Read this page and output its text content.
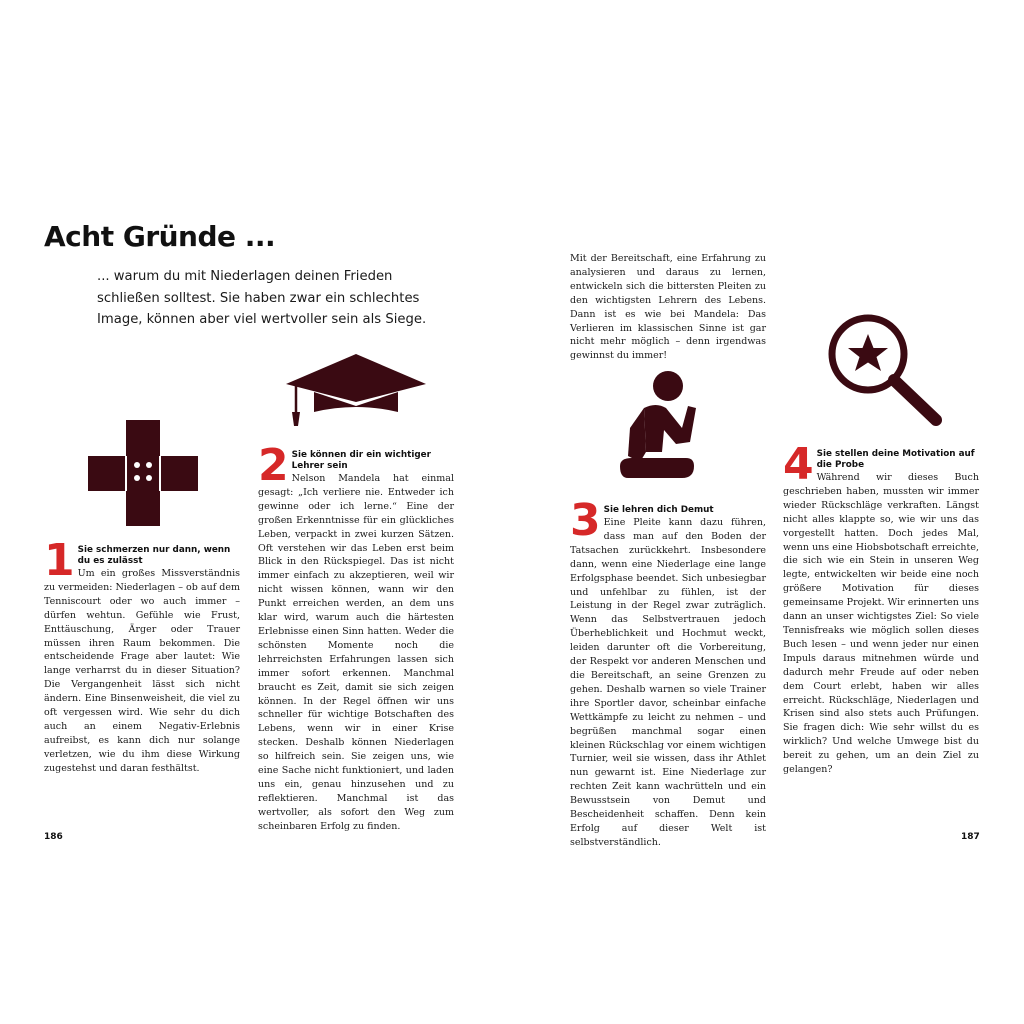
Acht Gründe ...
... warum du mit Niederlagen deinen Frieden schließen solltest. Sie haben zwar ein schlechtes Image, können aber viel wertvoller sein als Siege.
1 Sie schmerzen nur dann, wenn du es zulässt
Um ein großes Missverständnis zu vermeiden: Niederlagen – ob auf dem Tenniscourt oder wo auch immer – dürfen wehtun. Gefühle wie Frust, Enttäuschung, Ärger oder Trauer müssen ihren Raum bekommen. Die entscheidende Frage aber lautet: Wie lange verharrst du in dieser Situation? Die Vergangenheit lässt sich nicht ändern. Eine Binsenweisheit, die viel zu oft vergessen wird. Wie sehr du dich auch an einem Negativ-Erlebnis aufreibst, es kann dich nur solange verletzen, wie du ihm diese Wirkung zugestehst und daran festhältst.
2 Sie können dir ein wichtiger Lehrer sein
Nelson Mandela hat einmal gesagt: „Ich verliere nie. Entweder ich gewinne oder ich lerne.“ Eine der großen Erkenntnisse für ein glückliches Leben, verpackt in zwei kurzen Sätzen. Oft verstehen wir das Leben erst beim Blick in den Rückspiegel. Das ist nicht immer einfach zu akzeptieren, weil wir nicht wissen können, wann wir den Punkt erreichen werden, an dem uns klar wird, warum auch die härtesten Erlebnisse einen Sinn hatten. Weder die schönsten Momente noch die lehrreichsten Erfahrungen lassen sich immer sofort erkennen. Manchmal braucht es Zeit, damit sie sich zeigen können. In der Regel öffnen wir uns schneller für wichtige Botschaften des Lebens, wenn wir in einer Krise stecken. Deshalb können Niederlagen so hilfreich sein. Sie zeigen uns, wie eine Sache nicht funktioniert, und laden uns ein, genau hinzusehen und zu reflektieren. Manchmal ist das wertvoller, als sofort den Weg zum scheinbaren Erfolg zu finden.
Mit der Bereitschaft, eine Erfahrung zu analysieren und daraus zu lernen, entwickeln sich die bittersten Pleiten zu den wichtigsten Lehrern des Lebens. Dann ist es wie bei Mandela: Das Verlieren im klassischen Sinne ist gar nicht mehr möglich – denn irgendwas gewinnst du immer!
3 Sie lehren dich Demut
Eine Pleite kann dazu führen, dass man auf den Boden der Tatsachen zurückkehrt. Insbesondere dann, wenn eine Niederlage eine lange Erfolgsphase beendet. Sich unbesiegbar und unfehlbar zu fühlen, ist der Leistung in der Regel zwar zuträglich. Wenn das Selbstvertrauen jedoch Überheblichkeit und Hochmut weckt, leiden darunter oft die Vorbereitung, der Respekt vor anderen Menschen und die Bereitschaft, an seine Grenzen zu gehen. Deshalb warnen so viele Trainer ihre Sportler davor, scheinbar einfache Wettkämpfe zu leicht zu nehmen – und begrüßen manchmal sogar einen kleinen Rückschlag vor einem wichtigen Turnier, weil sie wissen, dass ihr Athlet nun gewarnt ist. Eine Niederlage zur rechten Zeit kann wachrütteln und ein Bewusstsein von Demut und Bescheidenheit schaffen. Denn kein Erfolg auf dieser Welt ist selbstverständlich.
4 Sie stellen deine Motivation auf die Probe
Während wir dieses Buch geschrieben haben, mussten wir immer wieder Rückschläge verkraften. Längst nicht alles klappte so, wie wir uns das vorgestellt hatten. Doch jedes Mal, wenn uns eine Hiobsbotschaft erreichte, die sich wie ein Stein in unseren Weg legte, entwickelten wir beide eine noch größere Motivation für dieses gemeinsame Projekt. Wir erinnerten uns dann an unser wichtigstes Ziel: So viele Tennisfreaks wie möglich sollen dieses Buch lesen – und wenn jeder nur einen Impuls daraus mitnehmen würde und dadurch mehr Freude auf oder neben dem Court erlebt, haben wir alles erreicht. Rückschläge, Niederlagen und Krisen sind also stets auch Prüfungen. Sie fragen dich: Wie sehr willst du es wirklich? Und welche Umwege bist du bereit zu gehen, um an dein Ziel zu gelangen?
186	187
